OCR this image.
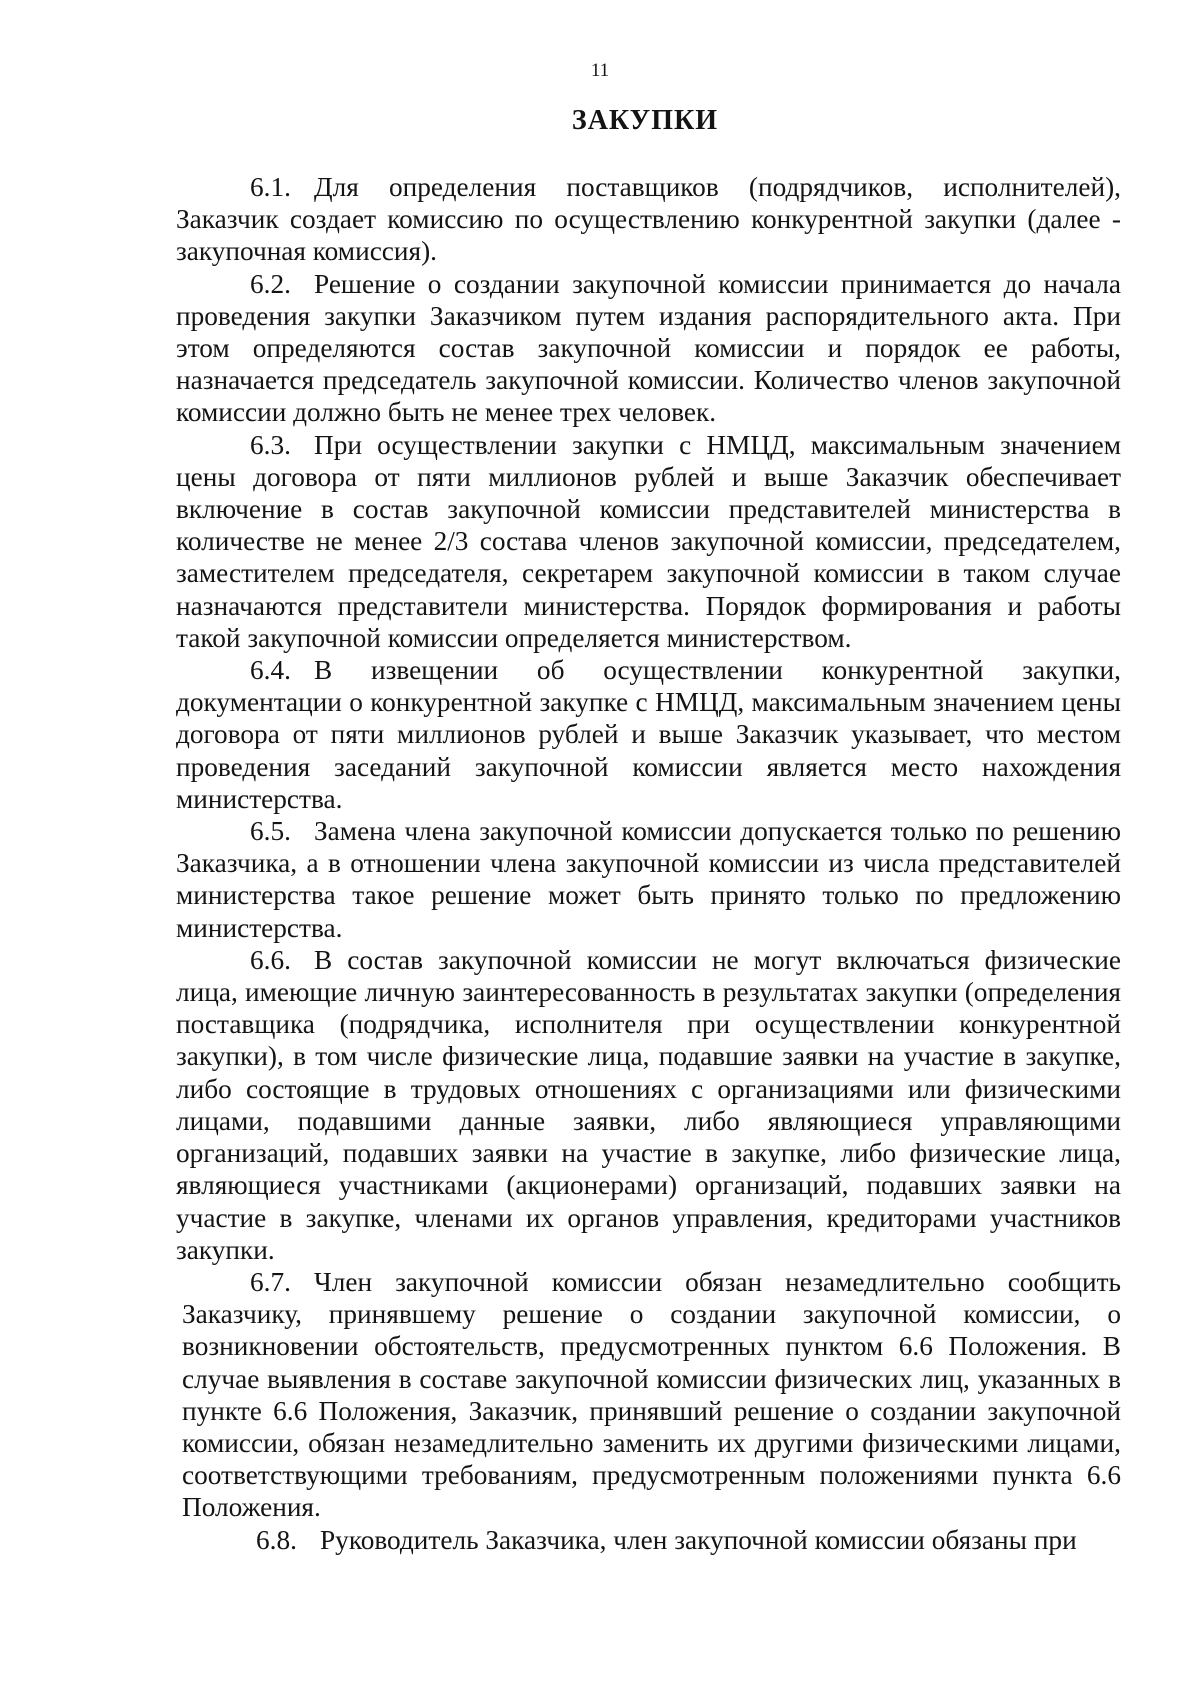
11
ЗАКУПКИ

6.1. Для определения поставщиков (подрядчиков, исполнителей), Заказчик создает комиссию по осуществлению конкурентной закупки (далее - закупочная комиссия).

6.2. Решение о создании закупочной комиссии принимается до начала проведения закупки Заказчиком путем издания распорядительного акта. При этом определяются состав закупочной комиссии и порядок ее работы, назначается председатель закупочной комиссии. Количество членов закупочной комиссии должно быть не менее трех человек.

6.3. При осуществлении закупки с НМЦД, максимальным значением цены договора от пяти миллионов рублей и выше Заказчик обеспечивает включение в состав закупочной комиссии представителей министерства в количестве не менее 2/3 состава членов закупочной комиссии, председателем, заместителем председателя, секретарем закупочной комиссии в таком случае назначаются представители министерства. Порядок формирования и работы такой закупочной комиссии определяется министерством.

6.4. В извещении об осуществлении конкурентной закупки, документации о конкурентной закупке с НМЦД, максимальным значением цены договора от пяти миллионов рублей и выше Заказчик указывает, что местом проведения заседаний закупочной комиссии является место нахождения министерства.

6.5. Замена члена закупочной комиссии допускается только по решению Заказчика, а в отношении члена закупочной комиссии из числа представителей министерства такое решение может быть принято только по предложению министерства.

6.6. В состав закупочной комиссии не могут включаться физические лица, имеющие личную заинтересованность в результатах закупки (определения поставщика (подрядчика, исполнителя при осуществлении конкурентной закупки), в том числе физические лица, подавшие заявки на участие в закупке, либо состоящие в трудовых отношениях с организациями или физическими лицами, подавшими данные заявки, либо являющиеся управляющими организаций, подавших заявки на участие в закупке, либо физические лица, являющиеся участниками (акционерами) организаций, подавших заявки на участие в закупке, членами их органов управления, кредиторами участников закупки.

6.7. Член закупочной комиссии обязан незамедлительно сообщить Заказчику, принявшему решение о создании закупочной комиссии, о возникновении обстоятельств, предусмотренных пунктом 6.6 Положения. В случае выявления в составе закупочной комиссии физических лиц, указанных в пункте 6.6 Положения, Заказчик, принявший решение о создании закупочной комиссии, обязан незамедлительно заменить их другими физическими лицами, соответствующими требованиям, предусмотренным положениями пункта 6.6 Положения.

6.8. Руководитель Заказчика, член закупочной комиссии обязаны при
